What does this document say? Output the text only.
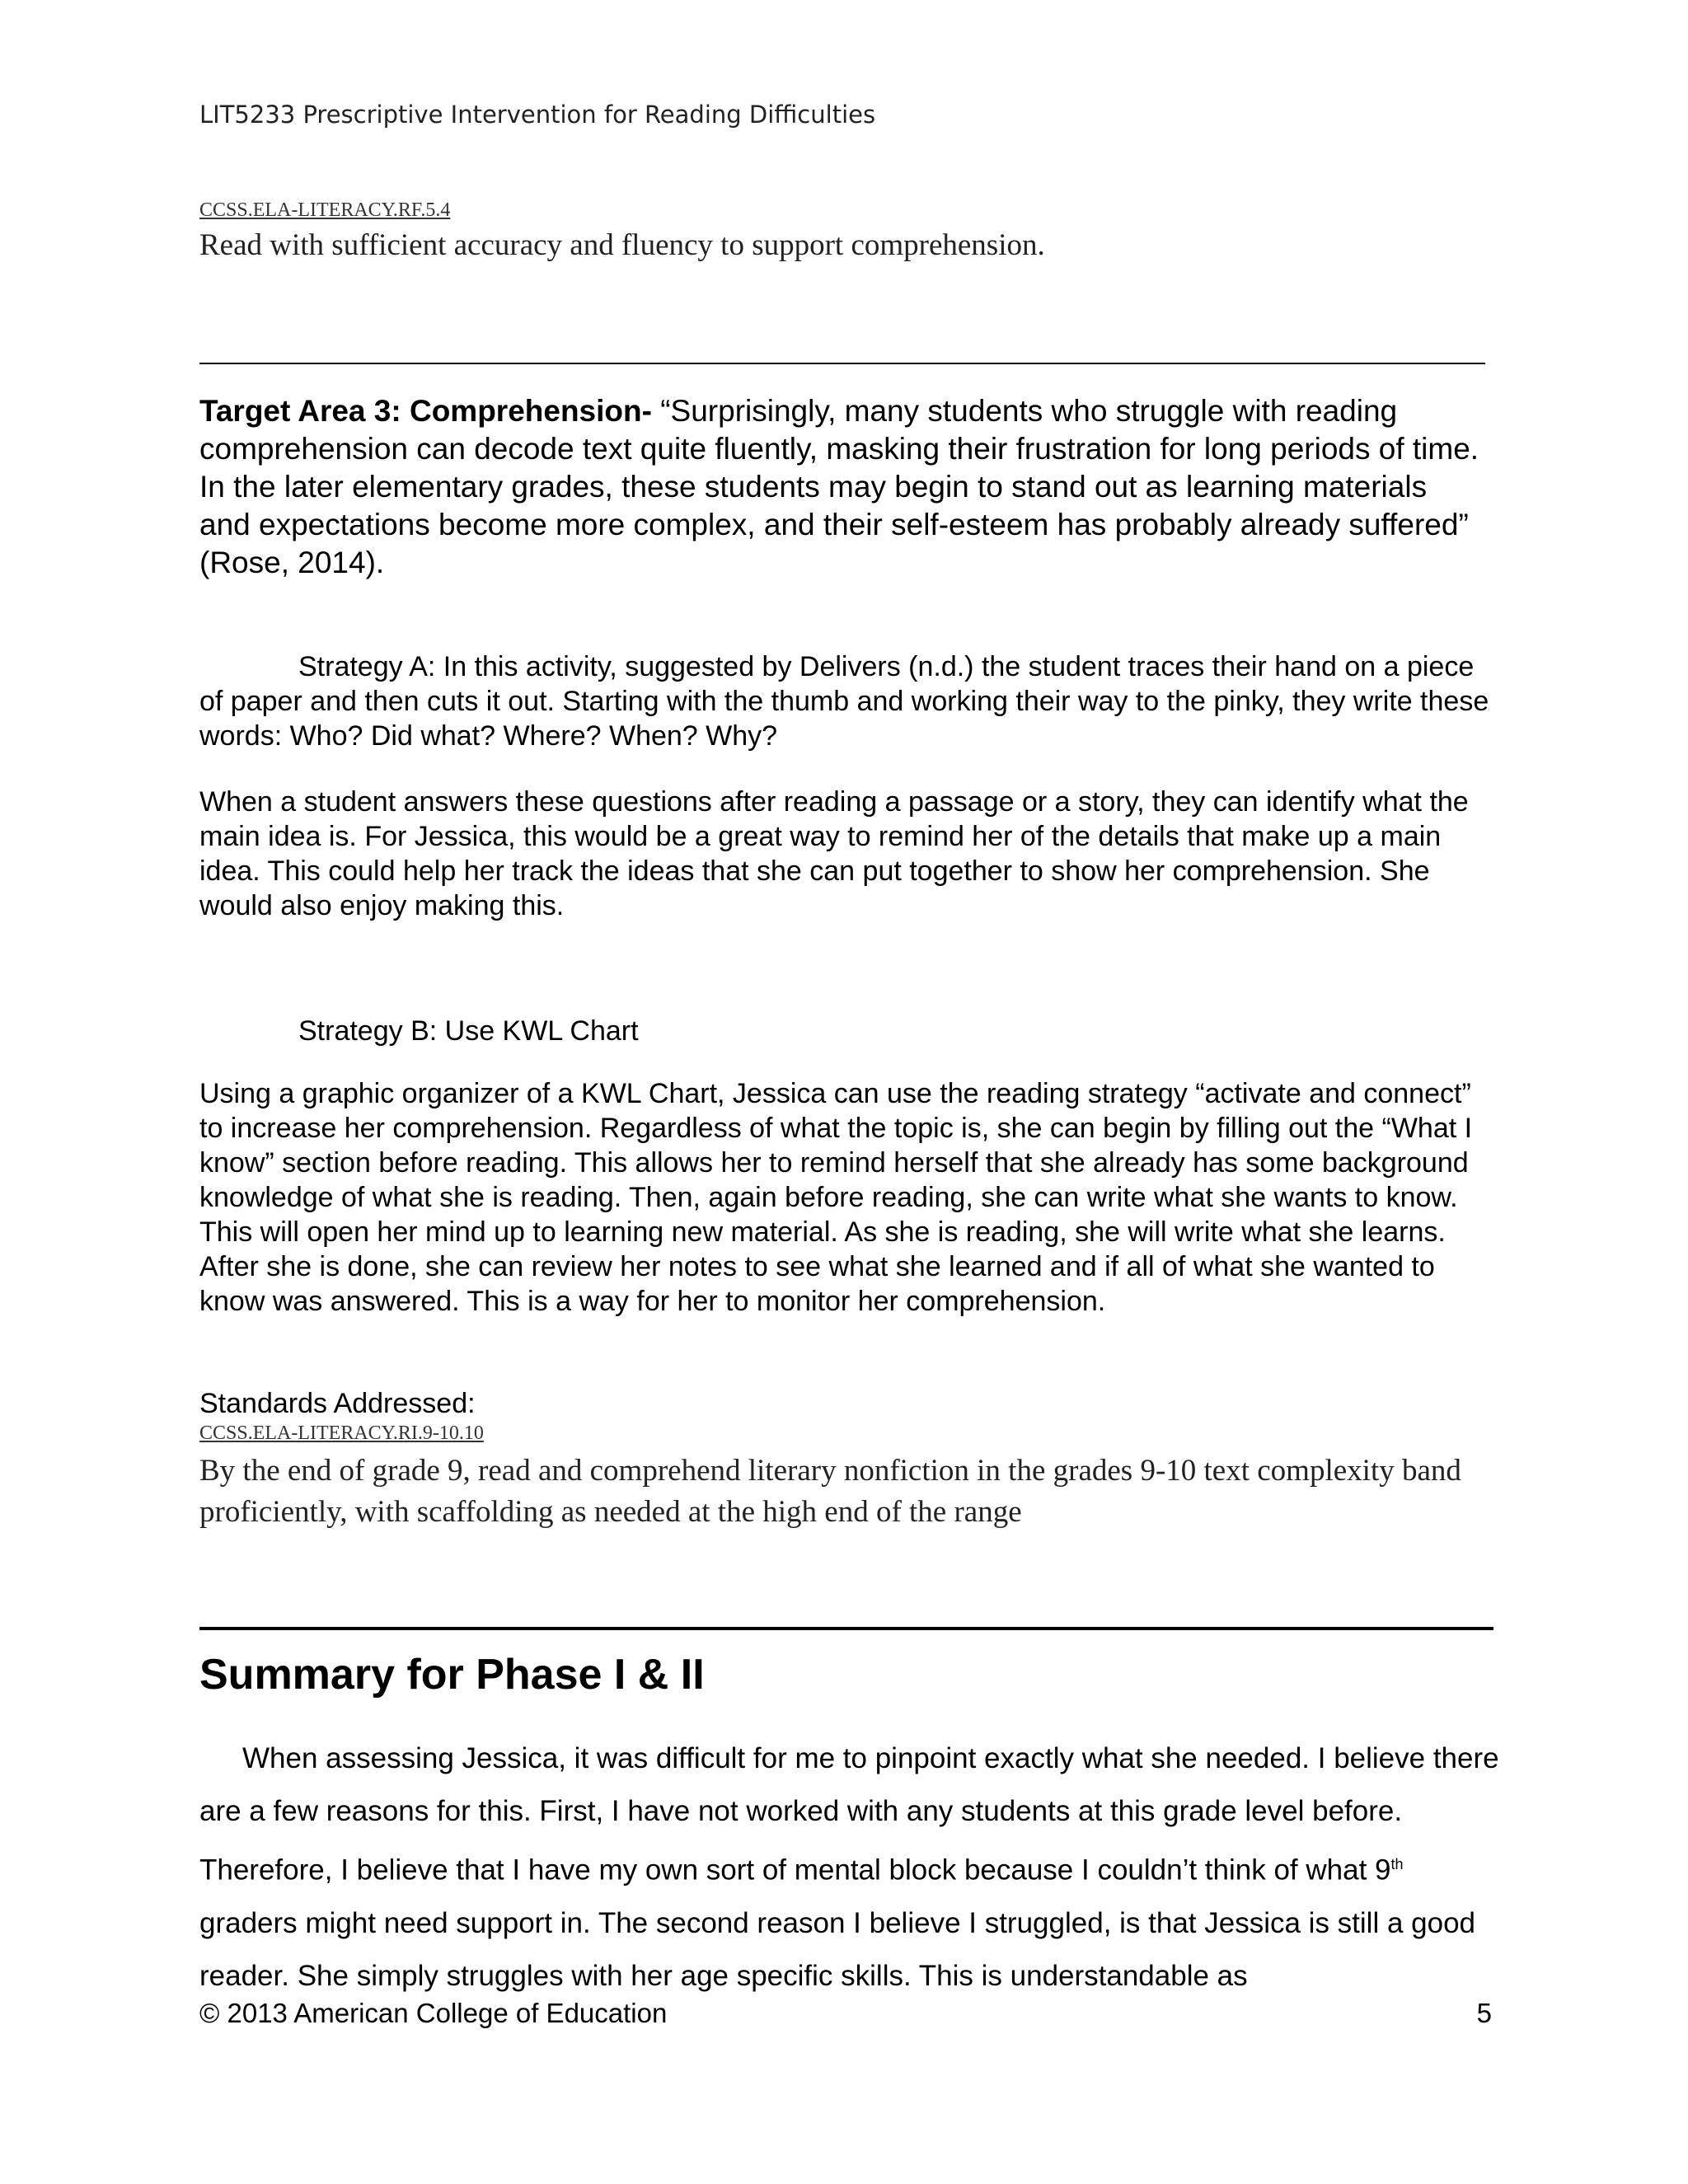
LIT5233 Prescriptive Intervention for Reading Difficulties
CCSS.ELA-LITERACY.RF.5.4
Read with sufficient accuracy and fluency to support comprehension.

Target Area 3: Comprehension- “Surprisingly, many students who struggle with reading comprehension can decode text quite fluently, masking their frustration for long periods of time. In the later elementary grades, these students may begin to stand out as learning materials and expectations become more complex, and their self-esteem has probably already suffered” (Rose, 2014).

Strategy A: In this activity, suggested by Delivers (n.d.) the student traces their hand on a piece of paper and then cuts it out. Starting with the thumb and working their way to the pinky, they write these words: Who? Did what? Where? When? Why?

When a student answers these questions after reading a passage or a story, they can identify what the main idea is. For Jessica, this would be a great way to remind her of the details that make up a main idea. This could help her track the ideas that she can put together to show her comprehension. She would also enjoy making this.

Strategy B: Use KWL Chart

Using a graphic organizer of a KWL Chart, Jessica can use the reading strategy “activate and connect” to increase her comprehension. Regardless of what the topic is, she can begin by filling out the “What I know” section before reading. This allows her to remind herself that she already has some background knowledge of what she is reading. Then, again before reading, she can write what she wants to know. This will open her mind up to learning new material. As she is reading, she will write what she learns. After she is done, she can review her notes to see what she learned and if all of what she wanted to know was answered. This is a way for her to monitor her comprehension.

Standards Addressed:

CCSS.ELA-LITERACY.RI.9-10.10
By the end of grade 9, read and comprehend literary nonfiction in the grades 9-10 text complexity band proficiently, with scaffolding as needed at the high end of the range
Summary for Phase I & II

When assessing Jessica, it was difficult for me to pinpoint exactly what she needed. I believe there are a few reasons for this. First, I have not worked with any students at this grade level before. Therefore, I believe that I have my own sort of mental block because I couldn’t think of what 9th graders might need support in. The second reason I believe I struggled, is that Jessica is still a good reader. She simply struggles with her age specific skills. This is understandable as

© 2013 American College of Education	5
